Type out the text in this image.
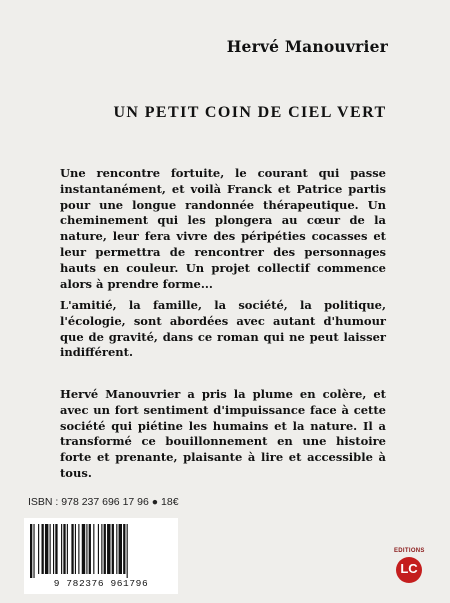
Hervé Manouvrier
UN PETIT COIN DE CIEL VERT
Une rencontre fortuite, le courant qui passe instantanément, et voilà Franck et Patrice partis pour une longue randonnée thérapeutique. Un cheminement qui les plongera au cœur de la nature, leur fera vivre des péripéties cocasses et leur permettra de rencontrer des personnages hauts en couleur. Un projet collectif commence alors à prendre forme...
L'amitié, la famille, la société, la politique, l'écologie, sont abordées avec autant d'humour que de gravité, dans ce roman qui ne peut laisser indifférent.
Hervé Manouvrier a pris la plume en colère, et avec un fort sentiment d'impuissance face à cette société qui piétine les humains et la nature. Il a transformé ce bouillonnement en une histoire forte et prenante, plaisante à lire et accessible à tous.
ISBN : 978 237 696 17 96 ● 18€
9 782376 961796
EDITIONS
LC
